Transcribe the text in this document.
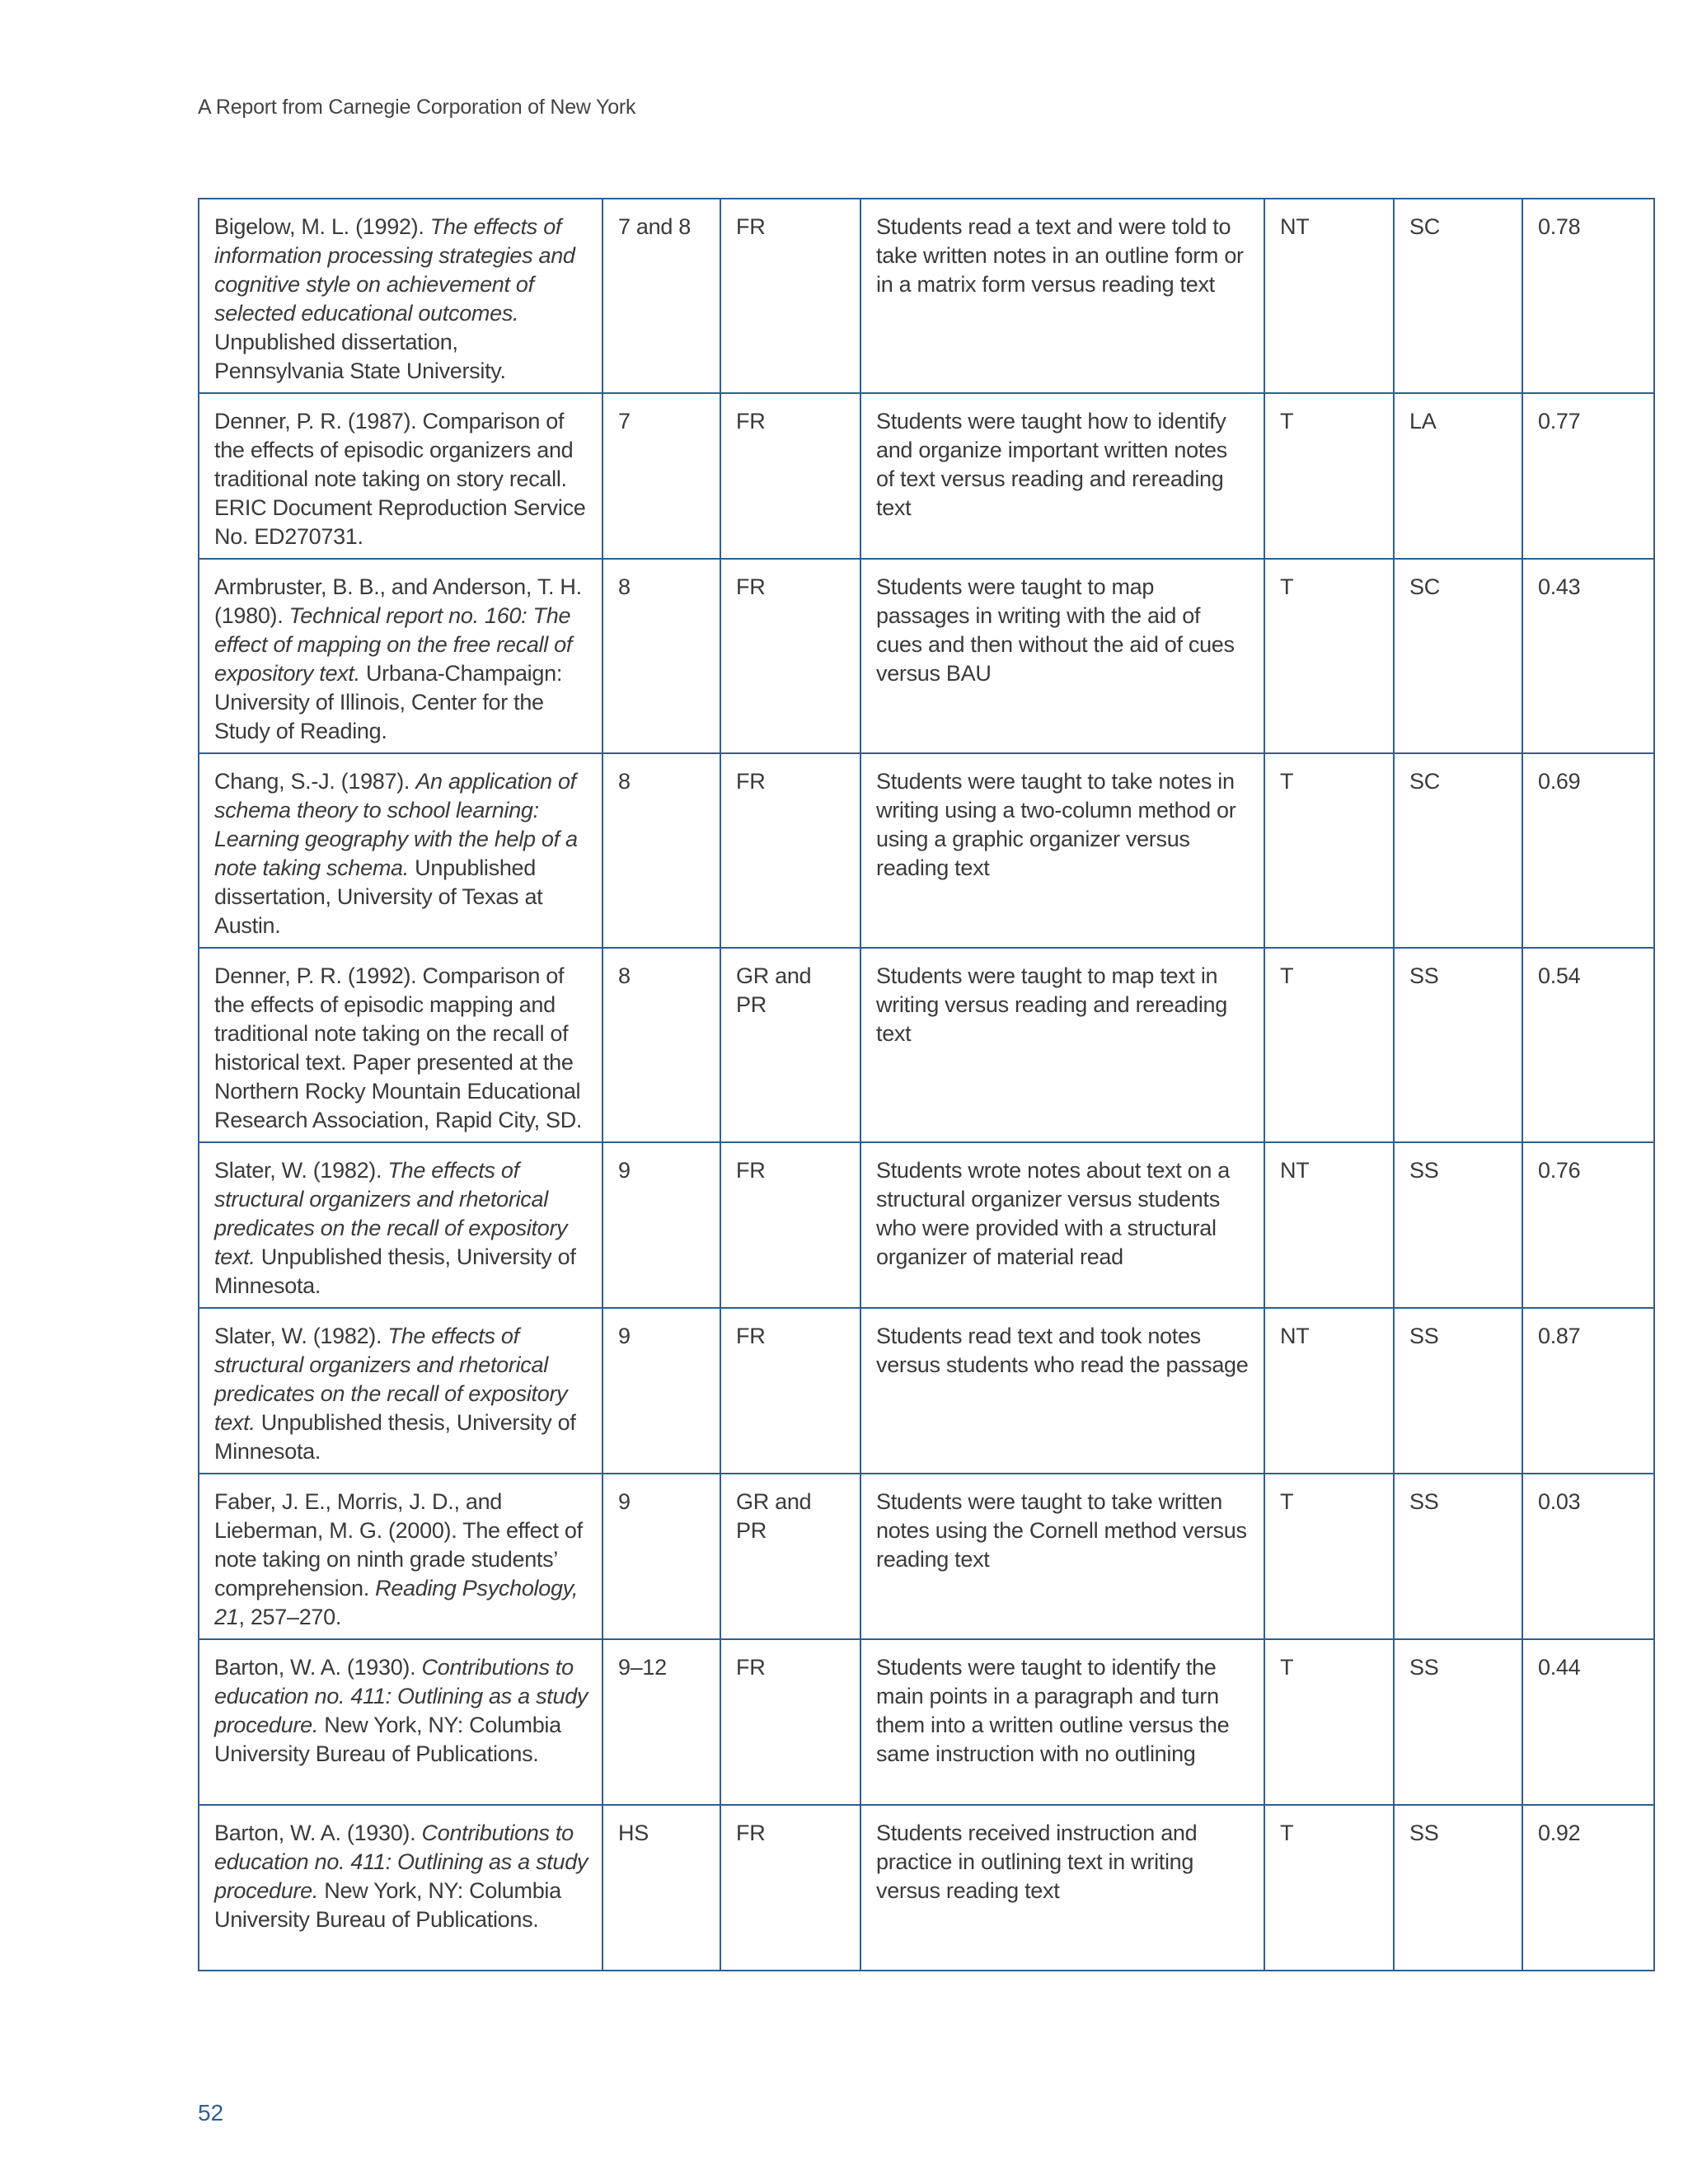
A Report from Carnegie Corporation of New York
Bigelow, M. L. (1992). The effects of information processing strategies and cognitive style on achievement of selected educational outcomes. Unpublished dissertation, Pennsylvania State University.	7 and 8	FR	Students read a text and were told to take written notes in an outline form or in a matrix form versus reading text	NT	SC	0.78
Denner, P. R. (1987). Comparison of the effects of episodic organizers and traditional note taking on story recall. ERIC Document Reproduction Service No. ED270731.	7	FR	Students were taught how to identify and organize important written notes of text versus reading and rereading text	T	LA	0.77
Armbruster, B. B., and Anderson, T. H. (1980). Technical report no. 160: The effect of mapping on the free recall of expository text. Urbana-Champaign: University of Illinois, Center for the Study of Reading.	8	FR	Students were taught to map passages in writing with the aid of cues and then without the aid of cues versus BAU	T	SC	0.43
Chang, S.-J. (1987). An application of schema theory to school learning: Learning geography with the help of a note taking schema. Unpublished dissertation, University of Texas at Austin.	8	FR	Students were taught to take notes in writing using a two-column method or using a graphic organizer versus reading text	T	SC	0.69
Denner, P. R. (1992). Comparison of the effects of episodic mapping and traditional note taking on the recall of historical text. Paper presented at the Northern Rocky Mountain Educational Research Association, Rapid City, SD.	8	GR and PR	Students were taught to map text in writing versus reading and rereading text	T	SS	0.54
Slater, W. (1982). The effects of structural organizers and rhetorical predicates on the recall of expository text. Unpublished thesis, University of Minnesota.	9	FR	Students wrote notes about text on a structural organizer versus students who were provided with a structural organizer of material read	NT	SS	0.76
Slater, W. (1982). The effects of structural organizers and rhetorical predicates on the recall of expository text. Unpublished thesis, University of Minnesota.	9	FR	Students read text and took notes versus students who read the passage	NT	SS	0.87
Faber, J. E., Morris, J. D., and Lieberman, M. G. (2000). The effect of note taking on ninth grade students’ comprehension. Reading Psychology, 21, 257–270.	9	GR and PR	Students were taught to take written notes using the Cornell method versus reading text	T	SS	0.03
Barton, W. A. (1930). Contributions to education no. 411: Outlining as a study procedure. New York, NY: Columbia University Bureau of Publications.	9–12	FR	Students were taught to identify the main points in a paragraph and turn them into a written outline versus the same instruction with no outlining	T	SS	0.44
Barton, W. A. (1930). Contributions to education no. 411: Outlining as a study procedure. New York, NY: Columbia University Bureau of Publications.	HS	FR	Students received instruction and practice in outlining text in writing versus reading text	T	SS	0.92
52
